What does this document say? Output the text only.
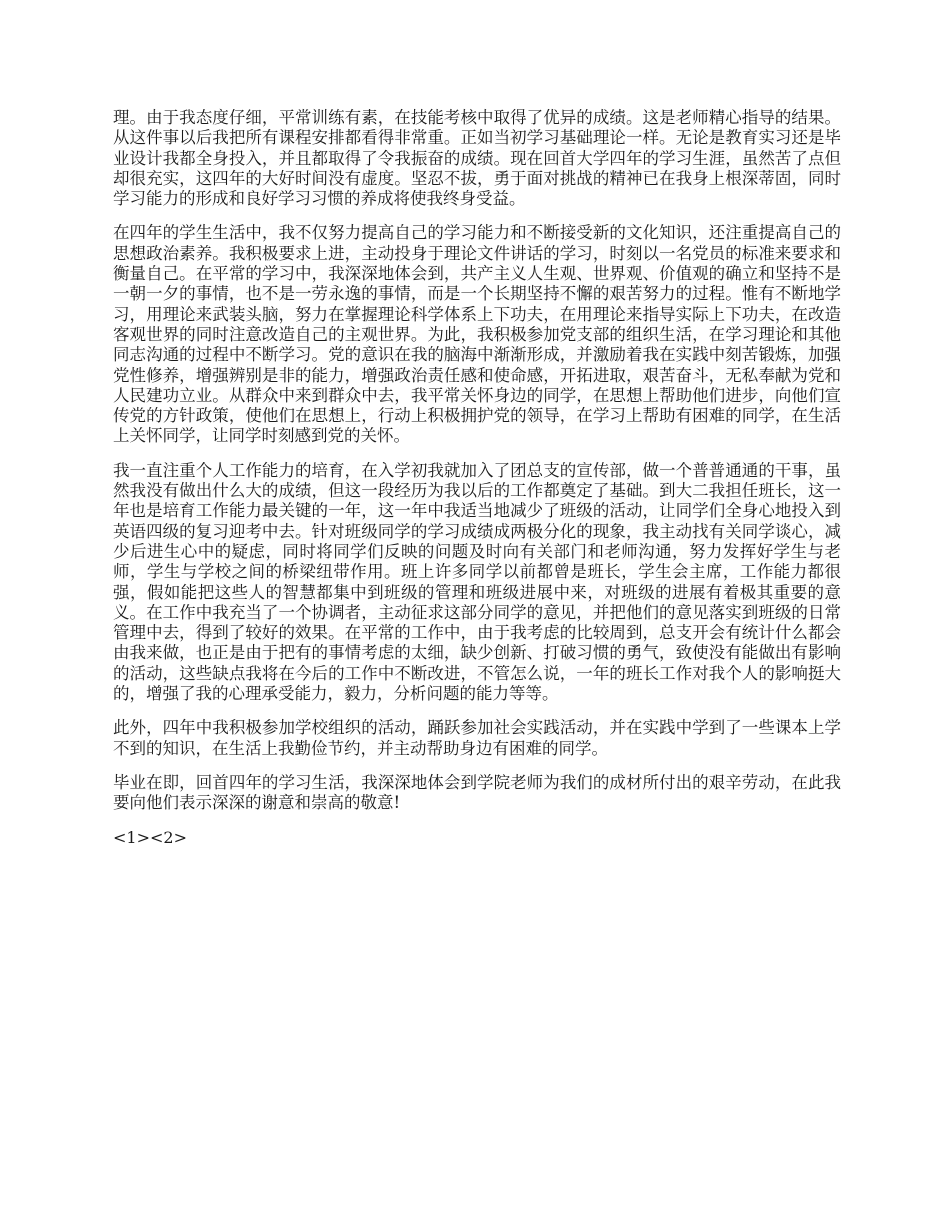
理。由于我态度仔细，平常训练有素，在技能考核中取得了优异的成绩。这是老师精心指导的结果。从这件事以后我把所有课程安排都看得非常重。正如当初学习基础理论一样。无论是教育实习还是毕业设计我都全身投入，并且都取得了令我振奋的成绩。现在回首大学四年的学习生涯，虽然苦了点但却很充实，这四年的大好时间没有虚度。坚忍不拔，勇于面对挑战的精神已在我身上根深蒂固，同时学习能力的形成和良好学习习惯的养成将使我终身受益。

在四年的学生生活中，我不仅努力提高自己的学习能力和不断接受新的文化知识，还注重提高自己的思想政治素养。我积极要求上进，主动投身于理论文件讲话的学习，时刻以一名党员的标准来要求和衡量自己。在平常的学习中，我深深地体会到，共产主义人生观、世界观、价值观的确立和坚持不是一朝一夕的事情，也不是一劳永逸的事情，而是一个长期坚持不懈的艰苦努力的过程。惟有不断地学习，用理论来武装头脑，努力在掌握理论科学体系上下功夫，在用理论来指导实际上下功夫，在改造客观世界的同时注意改造自己的主观世界。为此，我积极参加党支部的组织生活，在学习理论和其他同志沟通的过程中不断学习。党的意识在我的脑海中渐渐形成，并激励着我在实践中刻苦锻炼，加强党性修养，增强辨别是非的能力，增强政治责任感和使命感，开拓进取，艰苦奋斗，无私奉献为党和人民建功立业。从群众中来到群众中去，我平常关怀身边的同学，在思想上帮助他们进步，向他们宣传党的方针政策，使他们在思想上，行动上积极拥护党的领导，在学习上帮助有困难的同学，在生活上关怀同学，让同学时刻感到党的关怀。

我一直注重个人工作能力的培育，在入学初我就加入了团总支的宣传部，做一个普普通通的干事，虽然我没有做出什么大的成绩，但这一段经历为我以后的工作都奠定了基础。到大二我担任班长，这一年也是培育工作能力最关键的一年，这一年中我适当地减少了班级的活动，让同学们全身心地投入到英语四级的复习迎考中去。针对班级同学的学习成绩成两极分化的现象，我主动找有关同学谈心，减少后进生心中的疑虑，同时将同学们反映的问题及时向有关部门和老师沟通，努力发挥好学生与老师，学生与学校之间的桥梁纽带作用。班上许多同学以前都曾是班长，学生会主席，工作能力都很强，假如能把这些人的智慧都集中到班级的管理和班级进展中来，对班级的进展有着极其重要的意义。在工作中我充当了一个协调者，主动征求这部分同学的意见，并把他们的意见落实到班级的日常管理中去，得到了较好的效果。在平常的工作中，由于我考虑的比较周到，总支开会有统计什么都会由我来做，也正是由于把有的事情考虑的太细，缺少创新、打破习惯的勇气，致使没有能做出有影响的活动，这些缺点我将在今后的工作中不断改进，不管怎么说，一年的班长工作对我个人的影响挺大的，增强了我的心理承受能力，毅力，分析问题的能力等等。

此外，四年中我积极参加学校组织的活动，踊跃参加社会实践活动，并在实践中学到了一些课本上学不到的知识，在生活上我勤俭节约，并主动帮助身边有困难的同学。

毕业在即，回首四年的学习生活，我深深地体会到学院老师为我们的成材所付出的艰辛劳动，在此我要向他们表示深深的谢意和崇高的敬意!

<1><2>
